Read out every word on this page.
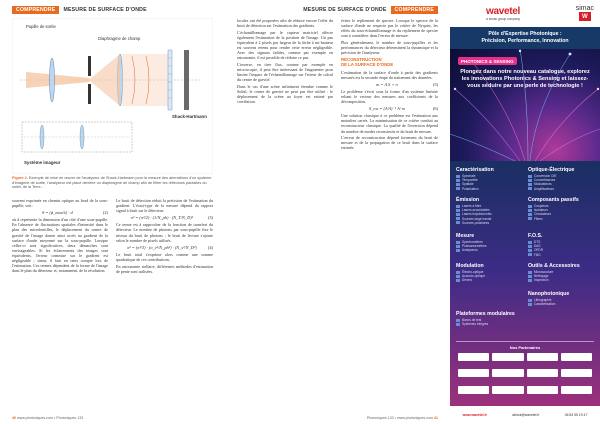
COMPRENDRE	MESURE DE SURFACE D'ONDE
Pupille de sortie
Diaphragme de champ
Shack-Hartmann
Système imageur
Figure 2. Exemple de mise en œuvre de l'analyseur de Shack-Hartmann pour la mesure des aberrations d'un système d'imagerie de sortie, l'analyseur est placé derrière un diaphragme de champ afin de filtrer les réflexions parasites du soleil, de la Terre...

souvent exprimée en chemin optique au bord de la sous-pupille, soit :

θ = (ϕ_max/λ) · d	(2)

où d représente la dimension d'un côté d'une sous-pupille. En l'absence de fluctuations spatiales d'intensité dans le plan des microlentilles, le déplacement du centre de gravité de l'image donne ainsi accès au gradient de la surface d'onde moyenné sur la sous-pupille. Lorsque celles-ci sont significatives, deux démarches sont envisageables. Si les éclairements des images sont équivalents, l'erreur commise sur le gradient est négligeable ; sinon, il faut en tenir compte lors de l'estimation. Ces termes dépendent de la forme de l'image dans le plan du détecteur et, notamment, de la résolution.

Le bruit de détection réduit la précision de l'estimation du gradient. L'écart-type de la mesure dépend du rapport signal à bruit sur le détecteur.

σ² = (π²/2) · (1/N_ph) · (N_T/N_D)²	(3)

Ce terme est à rapprocher de la fonction de transfert du détecteur. Le nombre de photons par sous-pupille fixe le niveau du bruit de photons ; le bruit de lecture s'ajoute selon le nombre de pixels utilisés.

σ² = (π²/3) · (σ_e²/N_ph²) · (N_s²/N_D²)	(4)

Le bruit total s'exprime alors comme une somme quadratique de ces contributions.

En astronomie stellaire, différentes méthodes d'estimation de pente sont utilisées.

40 www.photoniques.com • Photoniques 133
MESURE DE SURFACE D'ONDE	COMPRENDRE

locales ont été proposées afin de réduire encore l'effet du bruit de détection sur l'estimation des gradients.

L'échantillonnage par le capteur matriciel affecte également l'estimation de la position de l'image. Un pas équivalent à 2 pixels par largeur de la tâche à mi-hauteur est souvent retenu pour rendre cette erreur négligeable. Avec des signaux faibles, comme par exemple en astronomie, il est possible de réduire ce pas.

L'inverse, en tirer flux, comme par exemple en microscopie, il peut être intéressant de l'augmenter pour limiter l'impact de l'échantillonnage sur l'erreur de calcul du centre de gravité.

Dans le cas d'une scène infiniment étendue comme le Soleil, le centre de gravité ne peut pas être utilisé : le déplacement de la scène au foyer est estimé par corrélation.

éviter le repliement de spectre. Lorsque le spectre de la surface d'onde ne respecte pas le critère de Nyquist, les effets du sous-échantillonnage et du repliement de spectre sont à considérer dans l'erreur de mesure.

Plus généralement, le nombre de sous-pupilles et les performances du détecteur déterminent la dynamique et la précision de l'analyseur.

RECONSTRUCTION
DE LA SURFACE D'ONDE

L'estimation de la surface d'onde à partir des gradients mesurés est la seconde étape du traitement des données.

m = A.S + n	(5)

Le problème s'écrit sous la forme d'un système linéaire reliant le vecteur des mesures aux coefficients de la décomposition.

S_est = (AᵗA)⁻¹ Aᵗ m	(6)

Une solution classique à ce problème est l'estimation aux moindres carrés. La minimisation de ce critère conduit au reconstructeur classique. La qualité de l'inversion dépend du nombre de modes reconstruits et du bruit de mesure.

L'erreur de reconstruction dépend fortement du bruit de mesure et de la propagation de ce bruit dans la surface estimée.

Photoniques 133 • www.photoniques.com 41
wavetel
a simac group company
simac
W
Pôle d'Expertise Photonique :
Précision, Performance, Innovation
PHOTONICS & SENSING
Plongez dans notre nouveau catalogue, explorez les innovations Photonics & Sensing et laissez-vous séduire par une perle de technologie !
Caractérisation
Spectrale
Temporelle
Spatiale
Polarisation
Optique-Électrique
Conversion O/E
Convertisseurs
Modulateurs
Amplificateurs
Émission
Lasers à fibre
Lasers accordables
Lasers impulsionnels
Sources large bande
Sources polarisées
Composants passifs
Coupleurs
Isolateurs
Circulateurs
Filtres
Mesure
Spectromètres
Puissancemètres
Analyseurs
F.O.S.
DTS
DAS
OFDR
FBG
Modulation
Électro-optique
Acousto-optique
Drivers
Outils & Accessoires
Microsoudure
Nettoyage
Inspection
Nanophotonique
Lithographie
Caractérisation
Plateformes modulaires
Bancs de test
Systèmes intégrés
Nos Partenaires
www.wavetel.fr	ablout@wavetel.fr	06 83 55 19 47
